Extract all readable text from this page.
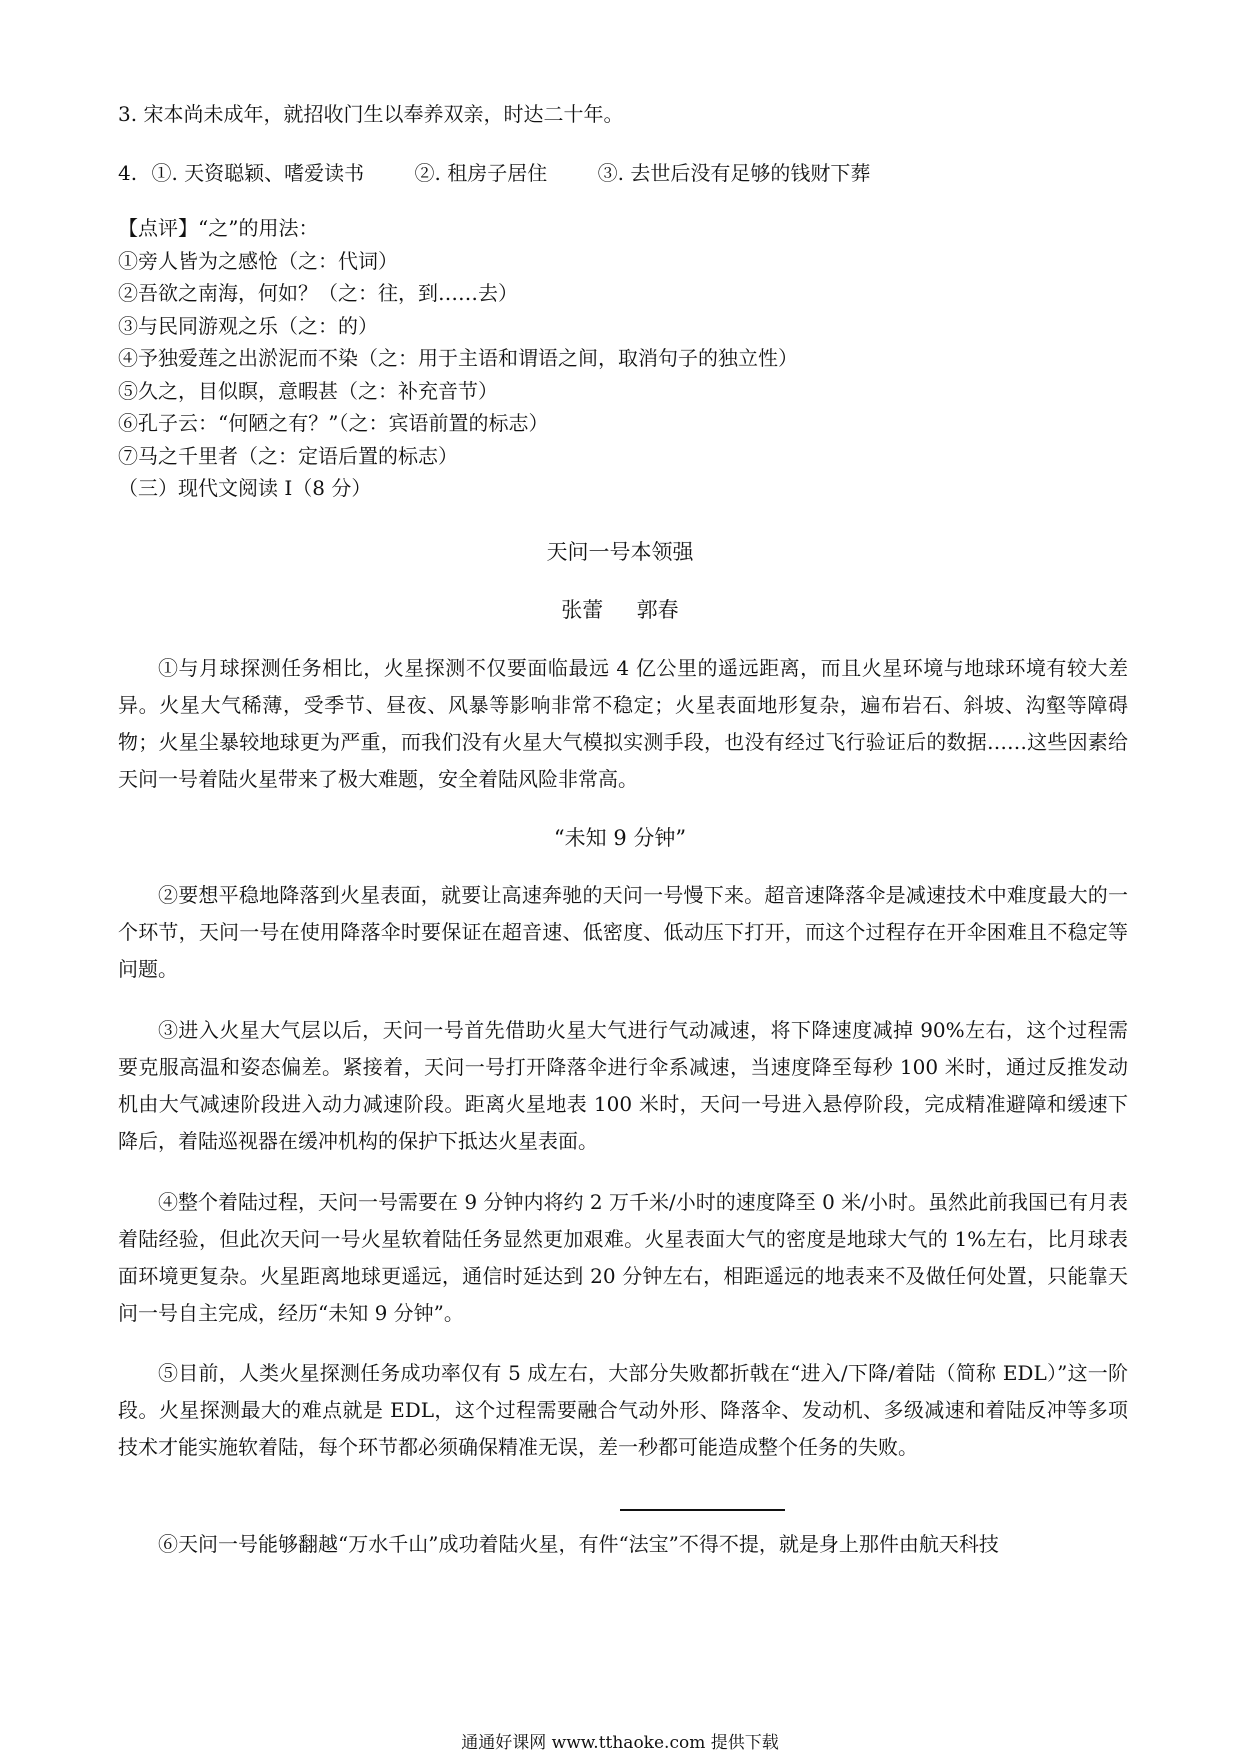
3. 宋本尚未成年，就招收门生以奉养双亲，时达二十年。
4. ①. 天资聪颖、嗜爱读书	②. 租房子居住	③. 去世后没有足够的钱财下葬
【点评】“之”的用法：
①旁人皆为之感怆（之：代词）
②吾欲之南海，何如？（之：往，到……去）
③与民同游观之乐（之：的）
④予独爱莲之出淤泥而不染（之：用于主语和谓语之间，取消句子的独立性）
⑤久之，目似瞑，意暇甚（之：补充音节）
⑥孔子云：“何陋之有？”（之：宾语前置的标志）
⑦马之千里者（之：定语后置的标志）
（三）现代文阅读 I（8 分）
天问一号本领强
张蕾     郭春
①与月球探测任务相比，火星探测不仅要面临最远 4 亿公里的遥远距离，而且火星环境与地球环境有较大差异。火星大气稀薄，受季节、昼夜、风暴等影响非常不稳定；火星表面地形复杂，遍布岩石、斜坡、沟壑等障碍物；火星尘暴较地球更为严重，而我们没有火星大气模拟实测手段，也没有经过飞行验证后的数据……这些因素给天问一号着陆火星带来了极大难题，安全着陆风险非常高。
“未知 9 分钟”
②要想平稳地降落到火星表面，就要让高速奔驰的天问一号慢下来。超音速降落伞是减速技术中难度最大的一个环节，天问一号在使用降落伞时要保证在超音速、低密度、低动压下打开，而这个过程存在开伞困难且不稳定等问题。
③进入火星大气层以后，天问一号首先借助火星大气进行气动减速，将下降速度减掉 90%左右，这个过程需要克服高温和姿态偏差。紧接着，天问一号打开降落伞进行伞系减速，当速度降至每秒 100 米时，通过反推发动机由大气减速阶段进入动力减速阶段。距离火星地表 100 米时，天问一号进入悬停阶段，完成精准避障和缓速下降后，着陆巡视器在缓冲机构的保护下抵达火星表面。
④整个着陆过程，天问一号需要在 9 分钟内将约 2 万千米/小时的速度降至 0 米/小时。虽然此前我国已有月表着陆经验，但此次天问一号火星软着陆任务显然更加艰难。火星表面大气的密度是地球大气的 1%左右，比月球表面环境更复杂。火星距离地球更遥远，通信时延达到 20 分钟左右，相距遥远的地表来不及做任何处置，只能靠天问一号自主完成，经历“未知 9 分钟”。
⑤目前，人类火星探测任务成功率仅有 5 成左右，大部分失败都折戟在“进入/下降/着陆（简称 EDL）”这一阶段。火星探测最大的难点就是 EDL，这个过程需要融合气动外形、降落伞、发动机、多级减速和着陆反冲等多项技术才能实施软着陆，每个环节都必须确保精准无误，差一秒都可能造成整个任务的失败。
⑥天问一号能够翻越“万水千山”成功着陆火星，有件“法宝”不得不提，就是身上那件由航天科技
通通好课网 www.tthaoke.com 提供下载
